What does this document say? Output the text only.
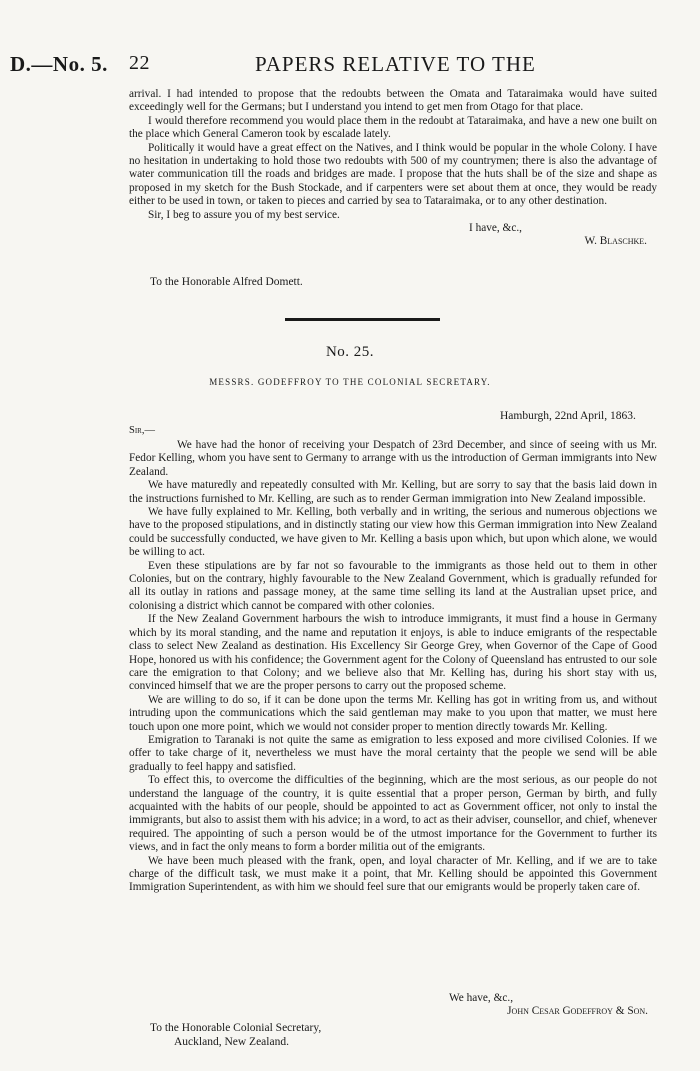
D.—No. 5. 22	PAPERS RELATIVE TO THE

arrival. I had intended to propose that the redoubts between the Omata and Tataraimaka would have suited exceedingly well for the Germans; but I understand you intend to get men from Otago for that place.

I would therefore recommend you would place them in the redoubt at Tataraimaka, and have a new one built on the place which General Cameron took by escalade lately.

Politically it would have a great effect on the Natives, and I think would be popular in the whole Colony. I have no hesitation in undertaking to hold those two redoubts with 500 of my countrymen; there is also the advantage of water communication till the roads and bridges are made. I propose that the huts shall be of the size and shape as proposed in my sketch for the Bush Stockade, and if carpenters were set about them at once, they would be ready either to be used in town, or taken to pieces and carried by sea to Tataraimaka, or to any other destination.

Sir, I beg to assure you of my best service.

I have, &c.,

W. Blaschke.

To the Honorable Alfred Domett.
No. 25.
MESSRS. GODEFFROY TO THE COLONIAL SECRETARY.
Hamburgh, 22nd April, 1863.
Sir,—

We have had the honor of receiving your Despatch of 23rd December, and since of seeing with us Mr. Fedor Kelling, whom you have sent to Germany to arrange with us the introduction of German immigrants into New Zealand.

We have maturedly and repeatedly consulted with Mr. Kelling, but are sorry to say that the basis laid down in the instructions furnished to Mr. Kelling, are such as to render German immigration into New Zealand impossible.

We have fully explained to Mr. Kelling, both verbally and in writing, the serious and numerous objections we have to the proposed stipulations, and in distinctly stating our view how this German immigration into New Zealand could be successfully conducted, we have given to Mr. Kelling a basis upon which, but upon which alone, we would be willing to act.

Even these stipulations are by far not so favourable to the immigrants as those held out to them in other Colonies, but on the contrary, highly favourable to the New Zealand Government, which is gradually refunded for all its outlay in rations and passage money, at the same time selling its land at the Australian upset price, and colonising a district which cannot be compared with other colonies.

If the New Zealand Government harbours the wish to introduce immigrants, it must find a house in Germany which by its moral standing, and the name and reputation it enjoys, is able to induce emigrants of the respectable class to select New Zealand as destination. His Excellency Sir George Grey, when Governor of the Cape of Good Hope, honored us with his confidence; the Government agent for the Colony of Queensland has entrusted to our sole care the emigration to that Colony; and we believe also that Mr. Kelling has, during his short stay with us, convinced himself that we are the proper persons to carry out the proposed scheme.

We are willing to do so, if it can be done upon the terms Mr. Kelling has got in writing from us, and without intruding upon the communications which the said gentleman may make to you upon that matter, we must here touch upon one more point, which we would not consider proper to mention directly towards Mr. Kelling.

Emigration to Taranaki is not quite the same as emigration to less exposed and more civilised Colonies. If we offer to take charge of it, nevertheless we must have the moral certainty that the people we send will be able gradually to feel happy and satisfied.

To effect this, to overcome the difficulties of the beginning, which are the most serious, as our people do not understand the language of the country, it is quite essential that a proper person, German by birth, and fully acquainted with the habits of our people, should be appointed to act as Government officer, not only to instal the immigrants, but also to assist them with his advice; in a word, to act as their adviser, counsellor, and chief, whenever required. The appointing of such a person would be of the utmost importance for the Government to further its views, and in fact the only means to form a border militia out of the emigrants.

We have been much pleased with the frank, open, and loyal character of Mr. Kelling, and if we are to take charge of the difficult task, we must make it a point, that Mr. Kelling should be appointed this Government Immigration Superintendent, as with him we should feel sure that our emigrants would be properly taken care of.

We have, &c.,

John Cesar Godeffroy & Son.

To the Honorable Colonial Secretary,
Auckland, New Zealand.
